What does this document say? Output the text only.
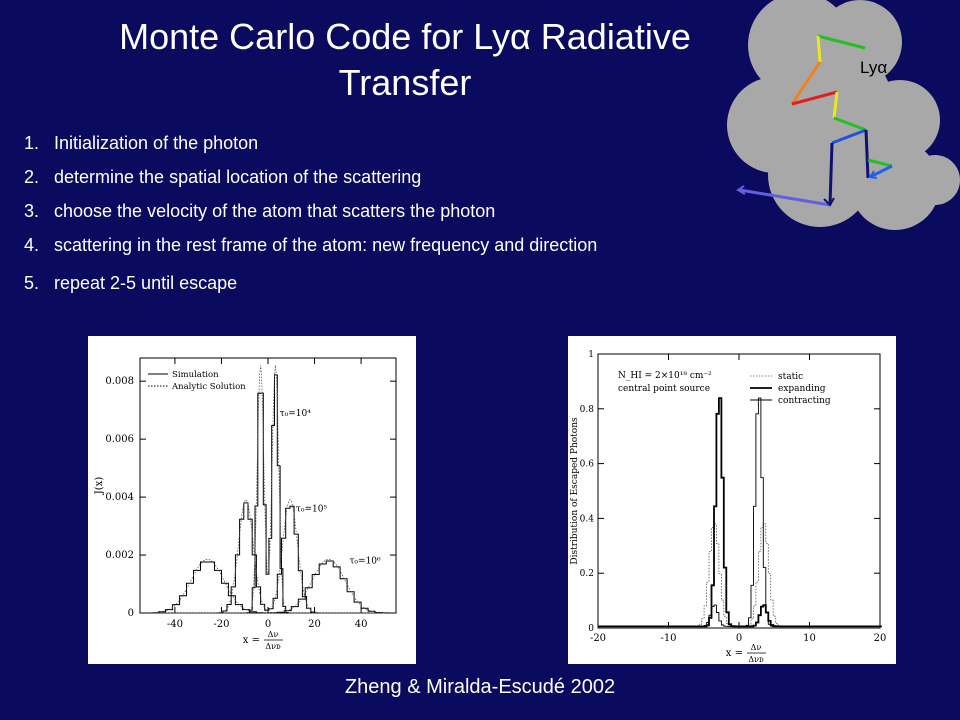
Monte Carlo Code for Lyα Radiative
Transfer
1. Initialization of the photon
2. determine the spatial location of the scattering
3. choose the velocity of the atom that scatters the photon
4. scattering in the rest frame of the atom: new frequency and direction
5. repeat 2-5 until escape
Lyα
-40	-20	0	20	40
0
0.002
0.004
0.006
0.008
J(x)
x =
Δν
Δνᴅ
Simulation
Analytic Solution
τ₀=10⁴
τ₀=10⁵
τ₀=10⁶
-20	-10	0	10	20
0
0.2
0.4
0.6
0.8
1
Distribution of Escaped Photons
x =
Δν
Δνᴅ
N_HI = 2×10¹⁸ cm⁻²
central point source
static
expanding
contracting
Zheng & Miralda-Escudé 2002
